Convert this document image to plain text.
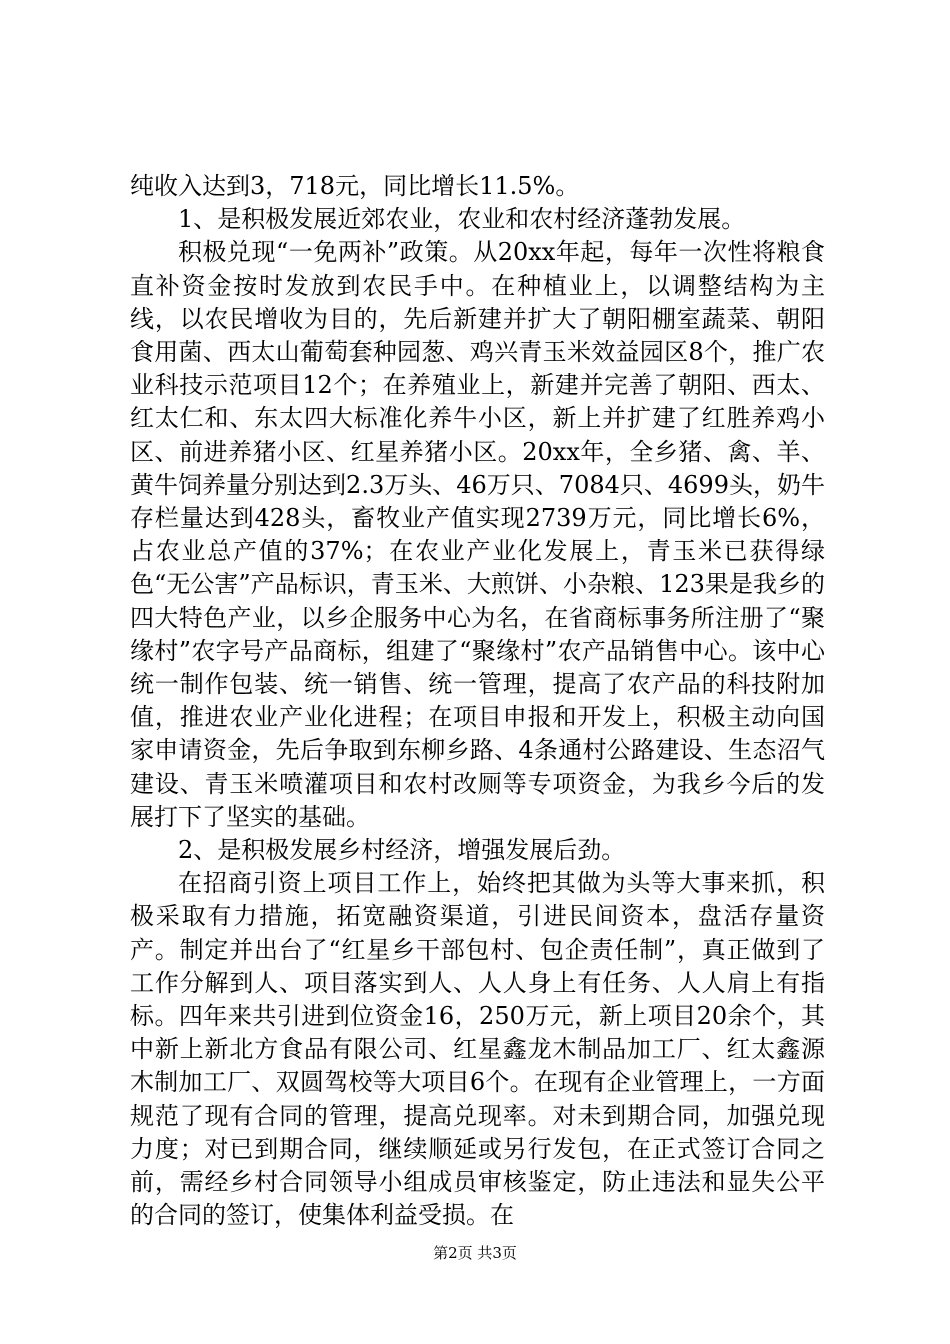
纯收入达到3，718元，同比增长11.5%。

1、是积极发展近郊农业，农业和农村经济蓬勃发展。

积极兑现“一免两补”政策。从20xx年起，每年一次性将粮食直补资金按时发放到农民手中。在种植业上，以调整结构为主线，以农民增收为目的，先后新建并扩大了朝阳棚室蔬菜、朝阳食用菌、西太山葡萄套种园葱、鸡兴青玉米效益园区8个，推广农业科技示范项目12个；在养殖业上，新建并完善了朝阳、西太、红太仁和、东太四大标准化养牛小区，新上并扩建了红胜养鸡小区、前进养猪小区、红星养猪小区。20xx年，全乡猪、禽、羊、黄牛饲养量分别达到2.3万头、46万只、7084只、4699头，奶牛存栏量达到428头，畜牧业产值实现2739万元，同比增长6%，占农业总产值的37%；在农业产业化发展上，青玉米已获得绿色“无公害”产品标识，青玉米、大煎饼、小杂粮、123果是我乡的四大特色产业，以乡企服务中心为名，在省商标事务所注册了“聚缘村”农字号产品商标，组建了“聚缘村”农产品销售中心。该中心统一制作包装、统一销售、统一管理，提高了农产品的科技附加值，推进农业产业化进程；在项目申报和开发上，积极主动向国家申请资金，先后争取到东柳乡路、4条通村公路建设、生态沼气建设、青玉米喷灌项目和农村改厕等专项资金，为我乡今后的发展打下了坚实的基础。

2、是积极发展乡村经济，增强发展后劲。

在招商引资上项目工作上，始终把其做为头等大事来抓，积极采取有力措施，拓宽融资渠道，引进民间资本，盘活存量资产。制定并出台了“红星乡干部包村、包企责任制”，真正做到了工作分解到人、项目落实到人、人人身上有任务、人人肩上有指标。四年来共引进到位资金16，250万元，新上项目20余个，其中新上新北方食品有限公司、红星鑫龙木制品加工厂、红太鑫源木制加工厂、双圆驾校等大项目6个。在现有企业管理上，一方面规范了现有合同的管理，提高兑现率。对未到期合同，加强兑现力度；对已到期合同，继续顺延或另行发包，在正式签订合同之前，需经乡村合同领导小组成员审核鉴定，防止违法和显失公平的合同的签订，使集体利益受损。在

第2页 共3页
